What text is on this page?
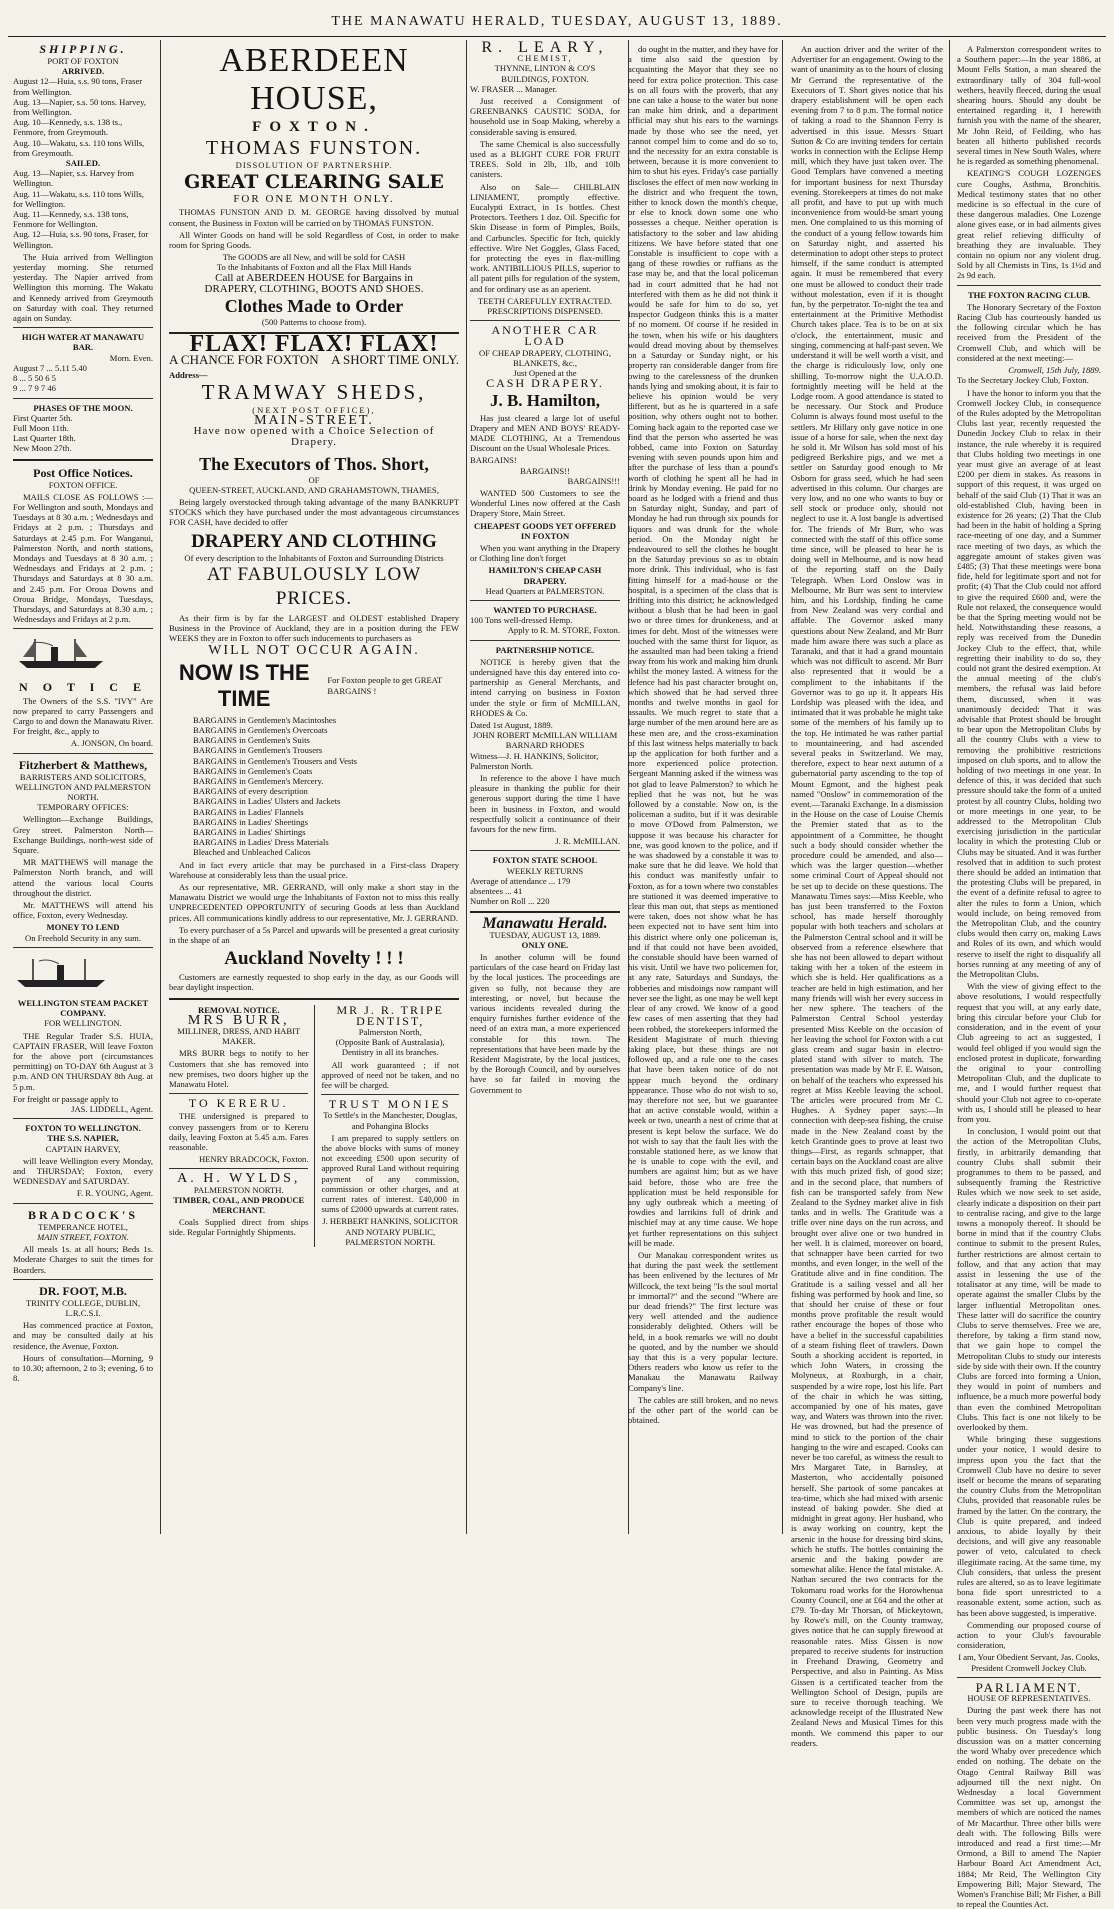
THE MANAWATU HERALD, TUESDAY, AUGUST 13, 1889.
SHIPPING.
PORT OF FOXTON
ARRIVED.
August 12—Huia, s.s. 90 tons, Fraser from Wellington.
Aug. 13—Napier, s.s. 50 tons. Harvey, from Wellington.
Aug. 10—Kennedy, s.s. 138 ts., Fenmore, from Greymouth.
Aug. 10—Wakatu, s.s. 110 tons Wills, from Greymouth.
SAILED.
Aug. 13—Napier, s.s. Harvey from Wellington.
Aug. 11—Wakatu, s.s. 110 tons Wills, for Wellington.
Aug. 11—Kennedy, s.s. 138 tons, Fenmore for Wellington.
Aug. 12—Huia, s.s. 90 tons, Fraser, for Wellington.

The Huia arrived from Wellington yesterday morning. She returned yesterday. The Napier arrived from Wellington this morning. The Wakatu and Kennedy arrived from Greymouth on Saturday with coal. They returned again on Sunday.

HIGH WATER AT MANAWATU BAR.
Morn. Even.
August 7 ... 5.11 5.40
8 ... 5 50 6 5
9 ... 7 9 7 46
PHASES OF THE MOON.
First Quarter 5th.
Full Moon 11th.
Last Quarter 18th.
New Moon 27th.
Post Office Notices.
FOXTON OFFICE.

MAILS CLOSE AS FOLLOWS :— For Wellington and south, Mondays and Tuesdays at 8 30 a.m. ; Wednesdays and Fridays at 2 p.m. ; Thursdays and Saturdays at 2.45 p.m. For Wanganui, Palmerston North, and north stations, Mondays and Tuesdays at 8 30 a.m. ; Wednesdays and Fridays at 2 p.m. ; Thursdays and Saturdays at 8 30 a.m. and 2.45 p.m. For Oroua Downs and Oroua Bridge, Mondays, Tuesdays, Thursdays, and Saturdays at 8.30 a.m. ; Wednesdays and Fridays at 2 p.m.

N O T I C E

The Owners of the S.S. "IVY" Are now prepared to carry Passengers and Cargo to and down the Manawatu River. For freight, &c., apply to

A. JONSON, On board.
Fitzherbert & Matthews,
BARRISTERS AND SOLICITORS,
WELLINGTON AND PALMERSTON NORTH.
TEMPORARY OFFICES:

Wellington—Exchange Buildings, Grey street. Palmerston North—Exchange Buildings, north-west side of Square.

MR MATTHEWS will manage the Palmerston North branch, and will attend the various local Courts throughout the district.

Mr. MATTHEWS will attend his office, Foxton, every Wednesday.

MONEY TO LEND
On Freehold Security in any sum.
WELLINGTON STEAM PACKET COMPANY.
FOR WELLINGTON.

THE Regular Trader S.S. HUIA, CAPTAIN FRASER, Will leave Foxton for the above port (circumstances permitting) on TO-DAY 6th August at 3 p.m. AND ON THURSDAY 8th Aug. at 5 p.m.

For freight or passage apply to
JAS. LIDDELL, Agent.
FOXTON TO WELLINGTON.
THE S.S. NAPIER,
CAPTAIN HARVEY,

will leave Wellington every Monday, and THURSDAY; Foxton, every WEDNESDAY and SATURDAY.

F. R. YOUNG, Agent.
BRADCOCK'S
TEMPERANCE HOTEL,
MAIN STREET, FOXTON.

All meals 1s. at all hours; Beds 1s. Moderate Charges to suit the times for Boarders.

DR. FOOT, M.B.
TRINITY COLLEGE, DUBLIN, L.R.C.S.I.

Has commenced practice at Foxton, and may be consulted daily at his residence, the Avenue, Foxton.

Hours of consultation—Morning, 9 to 10.30; afternoon, 2 to 3; evening, 6 to 8.

ABERDEEN HOUSE,
FOXTON.
THOMAS FUNSTON.
DISSOLUTION OF PARTNERSHIP.
GREAT CLEARING SALE
FOR ONE MONTH ONLY.

THOMAS FUNSTON AND D. M. GEORGE having dissolved by mutual consent, the Business in Foxton will be carried on by THOMAS FUNSTON.

All Winter Goods on hand will be sold Regardless of Cost, in order to make room for Spring Goods.

The GOODS are all New, and will be sold for CASH
To the Inhabitants of Foxton and all the Flax Mill Hands
Call at ABERDEEN HOUSE for Bargains in
DRAPERY, CLOTHING, BOOTS AND SHOES.
Clothes Made to Order
(500 Patterns to choose from).
FLAX! FLAX! FLAX!
A CHANCE FOR FOXTON A SHORT TIME ONLY.
Address—
TRAMWAY SHEDS,
(NEXT POST OFFICE),
MAIN-STREET.
Have now opened with a Choice Selection of Drapery.
The Executors of Thos. Short,
OF
QUEEN-STREET, AUCKLAND, AND GRAHAMSTOWN, THAMES,

Being largely overstocked through taking advantage of the many BANKRUPT STOCKS which they have purchased under the most advantageous circumstances FOR CASH, have decided to offer

DRAPERY AND CLOTHING
Of every description to the Inhabitants of Foxton and Surrounding Districts
AT FABULOUSLY LOW PRICES.

As their firm is by far the LARGEST and OLDEST established Drapery Business in the Province of Auckland, they are in a position during the FEW WEEKS they are in Foxton to offer such inducements to purchasers as

WILL NOT OCCUR AGAIN.
NOW IS THE TIME
For Foxton people to get GREAT BARGAINS !
BARGAINS in Gentlemen's Macintoshes
BARGAINS in Gentlemen's Overcoats
BARGAINS in Gentlemen's Suits
BARGAINS in Gentlemen's Trousers
BARGAINS in Gentlemen's Trousers and Vests
BARGAINS in Gentlemen's Coats
BARGAINS in Gentlemen's Mercery.
BARGAINS of every description
BARGAINS in Ladies' Ulsters and Jackets
BARGAINS in Ladies' Flannels
BARGAINS in Ladies' Sheetings
BARGAINS in Ladies' Shirtings
BARGAINS in Ladies' Dress Materials
Bleached and Unbleached Calicos

And in fact every article that may be purchased in a First-class Drapery Warehouse at considerably less than the usual price.

As our representative, MR. GERRAND, will only make a short stay in the Manawatu District we would urge the Inhabitants of Foxton not to miss this really UNPRECEDENTED OPPORTUNITY of securing Goods at less than Auckland prices. All communications kindly address to our representative, Mr. J. GERRAND.

To every purchaser of a 5s Parcel and upwards will be presented a great curiosity in the shape of an

Auckland Novelty ! ! !

Customers are earnestly requested to shop early in the day, as our Goods will bear daylight inspection.

REMOVAL NOTICE.
MRS BURR,
MILLINER, DRESS, AND HABIT MAKER.

MRS BURR begs to notify to her Customers that she has removed into new premises, two doors higher up the Manawatu Hotel.

TO KERERU.

THE undersigned is prepared to convey passengers from or to Kereru daily, leaving Foxton at 5.45 a.m. Fares reasonable.

HENRY BRADCOCK, Foxton.
A. H. WYLDS,
PALMERSTON NORTH.
TIMBER, COAL, AND PRODUCE MERCHANT.

Coals Supplied direct from ships side. Regular Fortnightly Shipments.

MR J. R. TRIPE
DENTIST,
Palmerston North,
(Opposite Bank of Australasia),
Dentistry in all its branches.

All work guaranteed ; if not approved of need not be taken, and no fee will be charged.

TRUST MONIES
To Settle's in the Manchester, Douglas, and Pohangina Blocks

I am prepared to supply settlers on the above blocks with sums of money not exceeding £500 upon security of approved Rural Land without requiring payment of any commission, commission or other charges, and at current rates of interest. £40,000 in sums of £2000 upwards at current rates.

J. HERBERT HANKINS, SOLICITOR AND NOTARY PUBLIC, PALMERSTON NORTH.
R. LEARY,
CHEMIST,
THYNNE, LINTON & CO'S BUILDINGS, FOXTON.
W. FRASER ... Manager.

Just received a Consignment of GREENBANKS CAUSTIC SODA, for household use in Soap Making, whereby a considerable saving is ensured.

The same Chemical is also successfully used as a BLIGHT CURE FOR FRUIT TREES. Sold in 2lb, 1lb, and 10lb canisters.

Also on Sale— CHILBLAIN LINIAMENT, promptly effective. Eucalypti Extract, in 1s bottles. Chest Protectors. Teethers 1 doz. Oil. Specific for Skin Disease in form of Pimples, Boils, and Carbuncles. Specific for Itch, quickly effective. Wire Net Goggles, Glass Faced, for protecting the eyes in flax-milling work. ANTIBILLIOUS PILLS, superior to all patent pills for regulation of the system, and for ordinary use as an aperient.

TEETH CAREFULLY EXTRACTED. PRESCRIPTIONS DISPENSED.
ANOTHER CAR LOAD
OF CHEAP DRAPERY, CLOTHING, BLANKETS, &c.,
Just Opened at the
CASH DRAPERY.
J. B. Hamilton,

Has just cleared a large lot of useful Drapery and MEN AND BOYS' READY-MADE CLOTHING, At a Tremendous Discount on the Usual Wholesale Prices.

BARGAINS!
BARGAINS!!
BARGAINS!!!

WANTED 500 Customers to see the Wonderful Lines now offered at the Cash Drapery Store, Main Street.

CHEAPEST GOODS YET OFFERED IN FOXTON

When you want anything in the Drapery or Clothing line don't forget

HAMILTON'S CHEAP CASH DRAPERY.
Head Quarters at PALMERSTON.
WANTED TO PURCHASE.
100 Tons well-dressed Hemp.
Apply to R. M. STORE, Foxton.
PARTNERSHIP NOTICE.

NOTICE is hereby given that the undersigned have this day entered into co-partnership as General Merchants, and intend carrying on business in Foxton under the style or firm of McMILLAN, RHODES & Co.

Dated 1st August, 1889.
JOHN ROBERT McMILLAN WILLIAM BARNARD RHODES
Witness—J. H. HANKINS, Solicitor, Palmerston North.

In reference to the above I have much pleasure in thanking the public for their generous support during the time I have been in business in Foxton, and would respectfully solicit a continuance of their favours for the new firm.

J. R. McMILLAN.
FOXTON STATE SCHOOL
WEEKLY RETURNS
Average of attendance ... 179
absentees ... 41
Number on Roll ... 220
Manawatu Herald.
TUESDAY, AUGUST 13, 1889.
ONLY ONE.

In another column will be found particulars of the case heard on Friday last by the local justices. The proceedings are given so fully, not because they are interesting, or novel, but because the various incidents revealed during the enquiry furnishes further evidence of the need of an extra man, a more experienced constable for this town. The representations that have been made by the Resident Magistrate, by the local justices, by the Borough Council, and by ourselves have so far failed in moving the Government to

do ought in the matter, and they have for a time also said the question by acquainting the Mayor that they see no need for extra police protection. This case is on all fours with the proverb, that any one can take a house to the water but none can make him drink, and a department official may shut his ears to the warnings made by those who see the need, yet cannot compel him to come and do so to, and the necessity for an extra constable is between, because it is more convenient to him to shut his eyes. Friday's case partially discloses the effect of men now working in the district and who frequent the town, either to knock down the month's cheque, or else to knock down some one who possesses a cheque. Neither operation is satisfactory to the sober and law abiding citizens. We have before stated that one Constable is insufficient to cope with a gang of these rowdies or ruffians as the case may be, and that the local policeman had in court admitted that he had not interfered with them as he did not think it would be safe for him to do so, yet Inspector Gudgeon thinks this is a matter of no moment. Of course if he resided in the town, when his wife or his daughters would dread moving about by themselves on a Saturday or Sunday night, or his property ran considerable danger from fire owing to the carelessness of the drunken hands lying and smoking about, it is fair to believe his opinion would be very different, but as he is quartered in a safe position, why others ought not to bother. Coming back again to the reported case we find that the person who asserted he was robbed, came into Foxton on Saturday evening with seven pounds upon him and after the purchase of less than a pound's worth of clothing he spent all he had in drink by Monday evening. He paid for no board as he lodged with a friend and thus on Saturday night, Sunday, and part of Monday he had run through six pounds for liquors and was drunk for the whole period. On the Monday night he endeavoured to sell the clothes he bought on the Saturday previous so as to obtain more drink. This individual, who is fast fitting himself for a mad-house or the hospital, is a specimen of the class that is drifting into this district; he acknowledged without a blush that he had been in gaol two or three times for drunkeness, and at times for debt. Most of the witnesses were touched with the same thirst for liquor, as the assaulted man had been taking a friend away from his work and making him drunk whilst the money lasted. A witness for the defence had his past character brought on, which showed that he had served three months and twelve months in gaol for assaults. We much regret to state that a large number of the men around here are as these men are, and the cross-examination of this last witness helps materially to back up the application for both further and a more experienced police protection. Sergeant Manning asked if the witness was not glad to leave Palmerston? to which he replied that he was not, but he was followed by a constable. Now on, is the policeman a sudito, but if it was desirable to move O'Dowd from Palmerston, we suppose it was because his character for one, was good known to the police, and if he was shadowed by a constable it was to make sure that he did leave. We hold that this conduct was manifestly unfair to Foxton, as for a town where two constables are stationed it was deemed imperative to clear this man out, that steps as mentioned were taken, does not show what he has been expected not to have sent him into this district where only one policeman is, and if that could not have been avoided, the constable should have been warned of his visit. Until we have two policemen for, at any rate, Saturdays and Sundays, the robberies and misdoings now rampant will never see the light, as one may be well kept clear of any crowd. We know of a good few cases of men asserting that they had been robbed, the storekeepers informed the Resident Magistrate of much thieving taking place, but these things are not followed up, and a rule one to the cases that have been taken notice of do not appear much beyond the ordinary appearance. Those who do not wish to so, may therefore not see, but we guarantee that an active constable would, within a week or two, unearth a nest of crime that at present is kept below the surface. We do not wish to say that the fault lies with the constable stationed here, as we know that he is unable to cope with the evil, and numbers are against him; but as we have said before, those who are free the application must be held responsible for any ugly outbreak which a meeting of rowdies and larrikins full of drink and mischief may at any time cause. We hope yet further representations on this subject will be made.

Our Manakau correspondent writes us that during the past week the settlement has been enlivened by the lectures of Mr Willcock, the text being "Is the soul mortal or immortal?" and the second "Where are our dead friends?" The first lecture was very well attended and the audience considerably delighted. Others will be held, in a book remarks we will no doubt be quoted, and by the number we should say that this is a very popular lecture. Others readers who know us refer to the Manakau the Manawatu Railway Company's line.

The cables are still broken, and no news of the other part of the world can be obtained.

An auction driver and the writer of the Advertiser for an engagement. Owing to the want of unanimity as to the hours of closing Mr Gerrand the representative of the Executors of T. Short gives notice that his drapery establishment will be open each evening from 7 to 8 p.m. The formal notice of taking a road to the Shannon Ferry is advertised in this issue. Messrs Stuart Sutton & Co are inviting tenders for certain works in connection with the Eclipse Hemp mill, which they have just taken over. The Good Templars have convened a meeting for important business for next Thursday evening. Storekeepers at times do not make all profit, and have to put up with much inconvenience from would-be smart young men. One complained to us this morning of the conduct of a young fellow towards him on Saturday night, and asserted his determination to adopt other steps to protect himself, if the same conduct is attempted again. It must be remembered that every one must be allowed to conduct their trade without molestation, even if it is thought fun, by the perpetrator. To-night the tea and entertainment at the Primitive Methodist Church takes place. Tea is to be on at six o'clock, the entertainment, music and singing, commencing at half-past seven. We understand it will be well worth a visit, and the charge is ridiculously low, only one shilling. To-morrow night the U.A.O.D. fortnightly meeting will be held at the Lodge room. A good attendance is stated to be necessary. Our Stock and Produce Column is always found most useful to the settlers. Mr Hillary only gave notice in one issue of a horse for sale, when the next day he sold it. Mr Wilson has sold most of his pedigreed Berkshire pigs, and we met a settler on Saturday good enough to Mr Osborn for grass seed, which he had seen advertised in this column. Our charges are very low, and no one who wants to buy or sell stock or produce only, should not neglect to use it. A lost bangle is advertised for. The friends of Mr Burr, who was connected with the staff of this office some time since, will be pleased to hear he is doing well in Melbourne, and is now head of the reporting staff on the Daily Telegraph. When Lord Onslow was in Melbourne, Mr Burr was sent to interview him, and his Lordship, finding he came from New Zealand was very cordial and affable. The Governor asked many questions about New Zealand, and Mr Burr made him aware there was such a place as Taranaki, and that it had a grand mountain which was not difficult to ascend. Mr Burr also represented that it would be a compliment to the inhabitants if the Governor was to go up it. It appears His Lordship was pleased with the idea, and intimated that it was probable he might take some of the members of his family up to the top. He intimated he was rather partial to mountaineering, and had ascended several peaks in Switzerland. We may, therefore, expect to hear next autumn of a gubernatorial party ascending to the top of Mount Egmont, and the highest peak named "Onslow" in commemoration of the event.—Taranaki Exchange. In a dismission in the House on the case of Louise Chemis the Premier stated that as to the appointment of a Committee, he thought such a body should consider whether the procedure could be amended, and also—which was the larger question—whether some criminal Court of Appeal should not be set up to decide on these questions. The Manawatu Times says:—Miss Keeble, who has just been transferred to the Foxton school, has made herself thoroughly popular with both teachers and scholars at the Palmerston Central school and it will be observed from a reference elsewhere that she has not been allowed to depart without taking with her a token of the esteem in which she is held. Her qualifications as a teacher are held in high estimation, and her many friends will wish her every success in her new sphere. The teachers of the Palmerston Central School yesterday presented Miss Keeble on the occasion of her leaving the school for Foxton with a cut glass cream and sugar basin in electro-plated stand with silver to match. The presentation was made by Mr F. E. Watson, on behalf of the teachers who expressed his regret at Miss Keeble leaving the school. The articles were procured from Mr C. Hughes. A Sydney paper says:—In connection with deep-sea fishing, the cruise made in the New Zealand coast by the ketch Grantinde goes to prove at least two things—First, as regards schnapper, that certain bays on the Auckland coast are alive with this much prized fish, of good size; and in the second place, that numbers of fish can be transported safely from New Zealand to the Sydney market alive in fish tanks and in wells. The Gratitude was a trifle over nine days on the run across, and brought over alive one or two hundred in her well. It is claimed, moreover on board, that schnapper have been carried for two months, and even longer, in the well of the Gratitude alive and in fine condition. The Gratitude is a sailing vessel and all her fishing was performed by hook and line, so that should her cruise of these or four months prove profitable the result would rather encourage the hopes of those who have a belief in the successful capabilities of a steam fishing fleet of trawlers. Down South a shocking accident is reported, in which John Waters, in crossing the Molyneux, at Roxburgh, in a chair, suspended by a wire rope, lost his life. Part of the chair in which he was sitting, accompanied by one of his mates, gave way, and Waters was thrown into the river. He was drowned, but had the presence of mind to stick to the portion of the chair hanging to the wire and escaped. Cooks can never be too careful, as witness the result to Mrs Margaret Tate, in Barnsley, at Masterton, who accidentally poisoned herself. She partook of some pancakes at tea-time, which she had mixed with arsenic instead of baking powder. She died at midnight in great agony. Her husband, who is away working on country, kept the arsenic in the house for dressing bird skins, which he stuffs. The bottles containing the arsenic and the baking powder are somewhat alike. Hence the fatal mistake. A. Nathan secured the two contracts for the Tokomaru road works for the Horowhenua County Council, one at £64 and the other at £79. To-day Mr Thorsan, of Mickeytown, by Rowe's mill, on the County tramway, gives notice that he can supply firewood at reasonable rates. Miss Gissen is now prepared to receive students for instruction in Freehand Drawing, Geometry and Perspective, and also in Painting. As Miss Gissen is a certificated teacher from the Wellington School of Design, pupils are sure to receive thorough teaching. We acknowledge receipt of the Illustrated New Zealand News and Musical Times for this month. We commend this paper to our readers.

A Palmerston correspondent writes to a Southern paper:—In the year 1886, at Mount Fells Station, a man sheared the extraordinary tally of 304 full-wool wethers, heavily fleeced, during the usual shearing hours. Should any doubt be entertained regarding it, I herewith furnish you with the name of the shearer, Mr John Reid, of Feilding, who has beaten all hitherto published records several times in New South Wales, where he is regarded as something phenomenal.

KEATING'S COUGH LOZENGES cure Coughs, Asthma, Bronchitis. Medical testimony states that no other medicine is so effectual in the cure of these dangerous maladies. One Lozenge alone gives ease, or in bad ailments gives great relief relieving difficulty of breathing they are invaluable. They contain no opium nor any violent drug. Sold by all Chemists in Tins, 1s 1½d and 2s 9d each.

THE FOXTON RACING CLUB.

The Honorary Secretary of the Foxton Racing Club has courteously handed us the following circular which he has received from the President of the Cromwell Club, and which will be considered at the next meeting:—

Cromwell, 15th July, 1889.
To the Secretary Jockey Club, Foxton.

I have the honor to inform you that the Cromwell Jockey Club, in consequence of the Rules adopted by the Metropolitan Clubs last year, recently requested the Dunedin Jockey Club to relax in their instance, the rule whereby it is required that Clubs holding two meetings in one year must give an average of at least £200 per diem in stakes. As reasons in support of this request, it was urged on behalf of the said Club (1) That it was an old-established Club, having been in existence for 26 years; (2) That the Club had been in the habit of holding a Spring race-meeting of one day, and a Summer race meeting of two days, as which the aggregate amount of stakes given was £485; (3) That these meetings were bona fide, held for legitimate sport and not for profit; (4) That the Club could not afford to give the required £600 and, were the Rule not relaxed, the consequence would be that the Spring meeting would not be held. Notwithstanding these reasons, a reply was received from the Dunedin Jockey Club to the effect, that, while regretting their inability to do so, they could not grant the desired exemption. At the annual meeting of the club's members, the refusal was laid before them, discussed, when it was unanimously decided: That it was advisable that Protest should be brought to bear upon the Metropolitan Clubs by all the country Clubs with a view to removing the prohibitive restrictions imposed on club sports, and to allow the holding of two meetings in one year. In defence of this, it was decided that such pressure should take the form of a united protest by all country Clubs, holding two or more meetings in one year, to be addressed to the Metropolitan Club exercising jurisdiction in the particular locality in which the protesting Club or Clubs may be situated. And it was further resolved that in addition to such protest there should be added an intimation that the protesting Clubs will be prepared, in the event of a definite refusal to agree to alter the rules to form a Union, which would include, on being removed from the Metropolitan Club, and the country clubs would then carry on, making Laws and Rules of its own, and which would reserve to itself the right to disqualify all horses running at any meeting of any of the Metropolitan Clubs.

With the view of giving effect to the above resolutions, I would respectfully request that you will, at any early date, bring this circular before your Club for consideration, and in the event of your Club agreeing to act as suggested, I would feel obliged if you would sign the enclosed protest in duplicate, forwarding the original to your controlling Metropolitan Club, and the duplicate to me, and I would further request that should your Club not agree to co-operate with us, I should still be pleased to hear from you.

In conclusion, I would point out that the action of the Metropolitan Clubs, firstly, in arbitrarily demanding that country Clubs shall submit their programmes to them to be passed, and subsequently framing the Restrictive Rules which we now seek to set aside, clearly indicate a disposition on their part to centralise racing, and give to the large towns a monopoly thereof. It should be borne in mind that if the country Clubs continue to submit to the present Rules, further restrictions are almost certain to follow, and that any action that may assist in lessening the use of the totalisator at any time, will be made to operate against the smaller Clubs by the larger influential Metropolitan ones. These latter will do sacrifice the country Clubs to serve themselves. Free we are, therefore, by taking a firm stand now, that we gain hope to compel the Metropolitan Clubs to study our interests side by side with their own. If the country Clubs are forced into forming a Union, they would in point of numbers and influence, be a much more powerful body than even the combined Metropolitan Clubs. This fact is one not likely to be overlooked by them.

While bringing these suggestions under your notice, I would desire to impress upon you the fact that the Cromwell Club have no desire to sever itself or become the means of separating the country Clubs from the Metropolitan Clubs, provided that reasonable rules be framed by the latter. On the contrary, the Club is quite prepared, and indeed anxious, to abide loyally by their decisions, and will give any reasonable power of veto, calculated to check illegitimate racing. At the same time, my Club considers, that unless the present rules are altered, so as to leave legitimate bona fide sport unrestricted to a reasonable extent, some action, such as has been above suggested, is imperative.

Commending our proposed course of action to your Club's favourable consideration,

I am, Your Obedient Servant, Jas. Cooks, President Cromwell Jockey Club.
PARLIAMENT.
HOUSE OF REPRESENTATIVES.

During the past week there has not been very much progress made with the public business. On Tuesday's long discussion was on a matter concerning the word Whaby over precedence which ended on nothing. The debate on the Otago Central Railway Bill was adjourned till the next night. On Wednesday a local Government Committee was set up, amongst the members of which are noticed the names of Mr Macarthur. Three other bills were dealt with. The following Bills were introduced and read a first time:—Mr Ormond, a Bill to amend The Napier Harbour Board Act Amendment Act, 1884; Mr Reid, The Wellington City Empowering Bill; Major Steward, The Women's Franchise Bill; Mr Fisher, a Bill to repeal the Counties Act.
